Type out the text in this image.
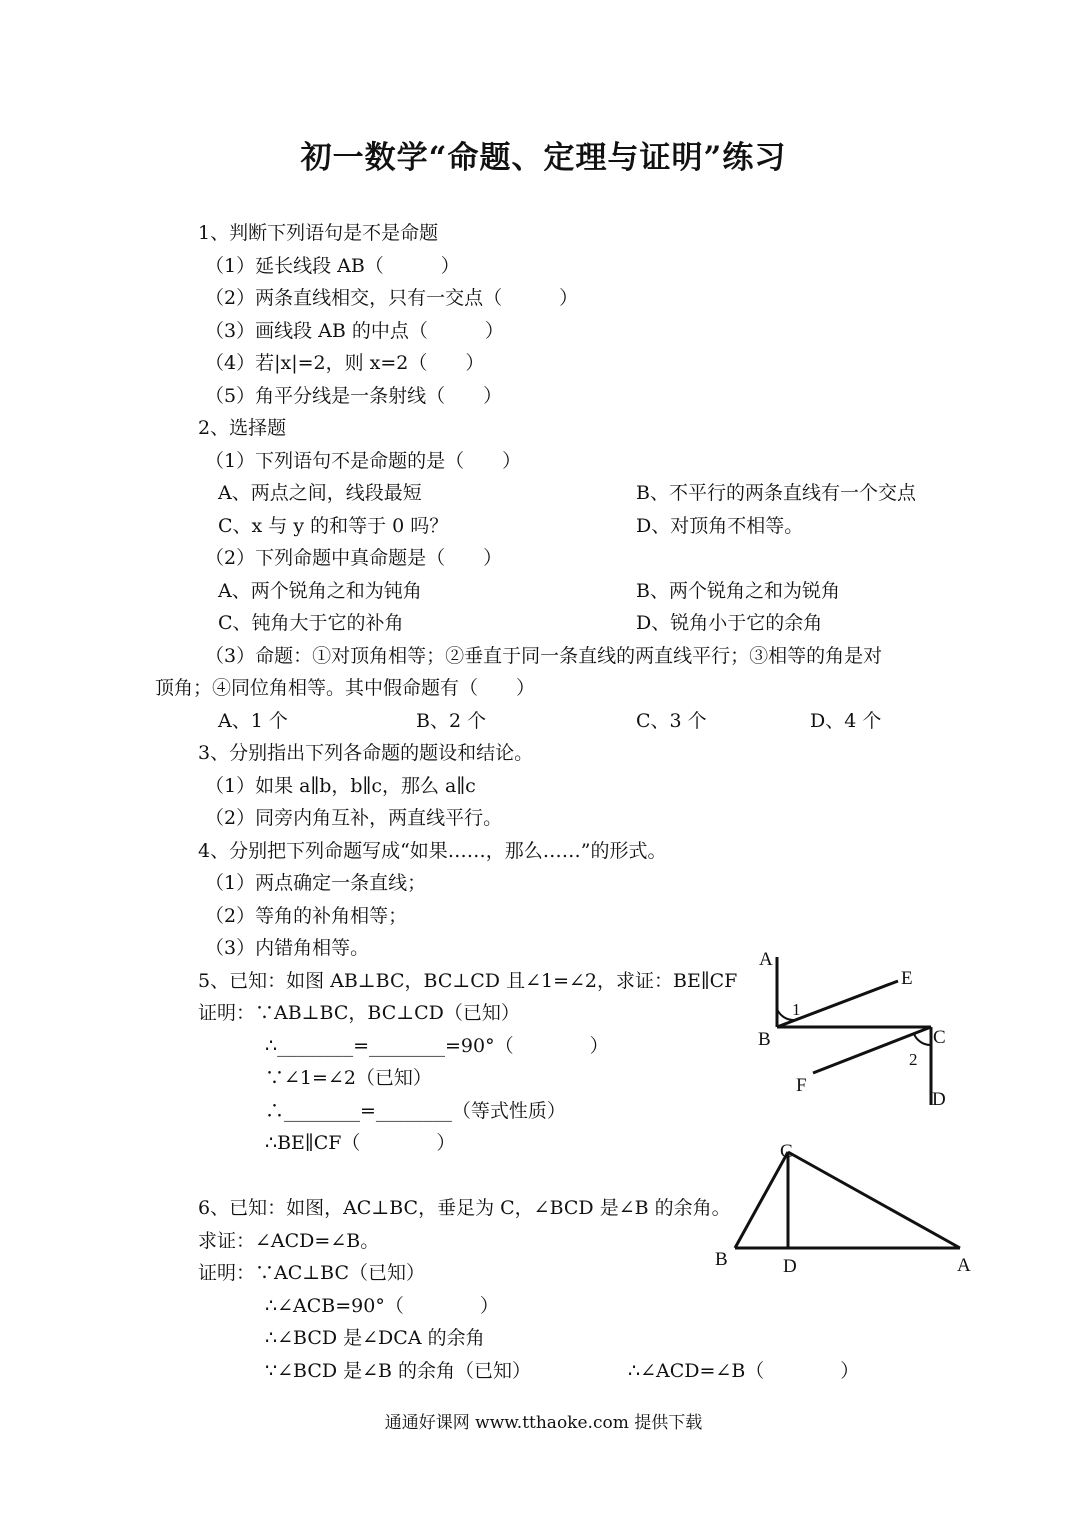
初一数学“命题、定理与证明”练习
1、判断下列语句是不是命题
（1）延长线段 AB（　　　）
（2）两条直线相交，只有一交点（　　　）
（3）画线段 AB 的中点（　　　）
（4）若|x|=2，则 x=2（　　）
（5）角平分线是一条射线（　　）
2、选择题
（1）下列语句不是命题的是（　　）
A、两点之间，线段最短	B、不平行的两条直线有一个交点
C、x 与 y 的和等于 0 吗？	D、对顶角不相等。
（2）下列命题中真命题是（　　）
A、两个锐角之和为钝角	B、两个锐角之和为锐角
C、钝角大于它的补角	D、锐角小于它的余角
（3）命题：①对顶角相等；②垂直于同一条直线的两直线平行；③相等的角是对
顶角；④同位角相等。其中假命题有（　　）
A、1 个	B、2 个	C、3 个	D、4 个
3、分别指出下列各命题的题设和结论。
（1）如果 a∥b，b∥c，那么 a∥c
（2）同旁内角互补，两直线平行。
4、分别把下列命题写成“如果……，那么……”的形式。
（1）两点确定一条直线；
（2）等角的补角相等；
（3）内错角相等。
5、已知：如图 AB⊥BC，BC⊥CD 且∠1=∠2，求证：BE∥CF
证明：∵AB⊥BC，BC⊥CD（已知）
∴________=________=90°（　　　　）
∵∠1=∠2（已知）
∴________=________（等式性质）
∴BE∥CF（　　　　）
6、已知：如图，AC⊥BC，垂足为 C，∠BCD 是∠B 的余角。
求证：∠ACD=∠B。
证明：∵AC⊥BC（已知）
∴∠ACB=90°（　　　　）
∴∠BCD 是∠DCA 的余角
∵∠BCD 是∠B 的余角（已知）	∴∠ACD=∠B（　　　　）
A
B	C
D
E
F
1
2
C
B	D	A
通通好课网 www.tthaoke.com 提供下载
